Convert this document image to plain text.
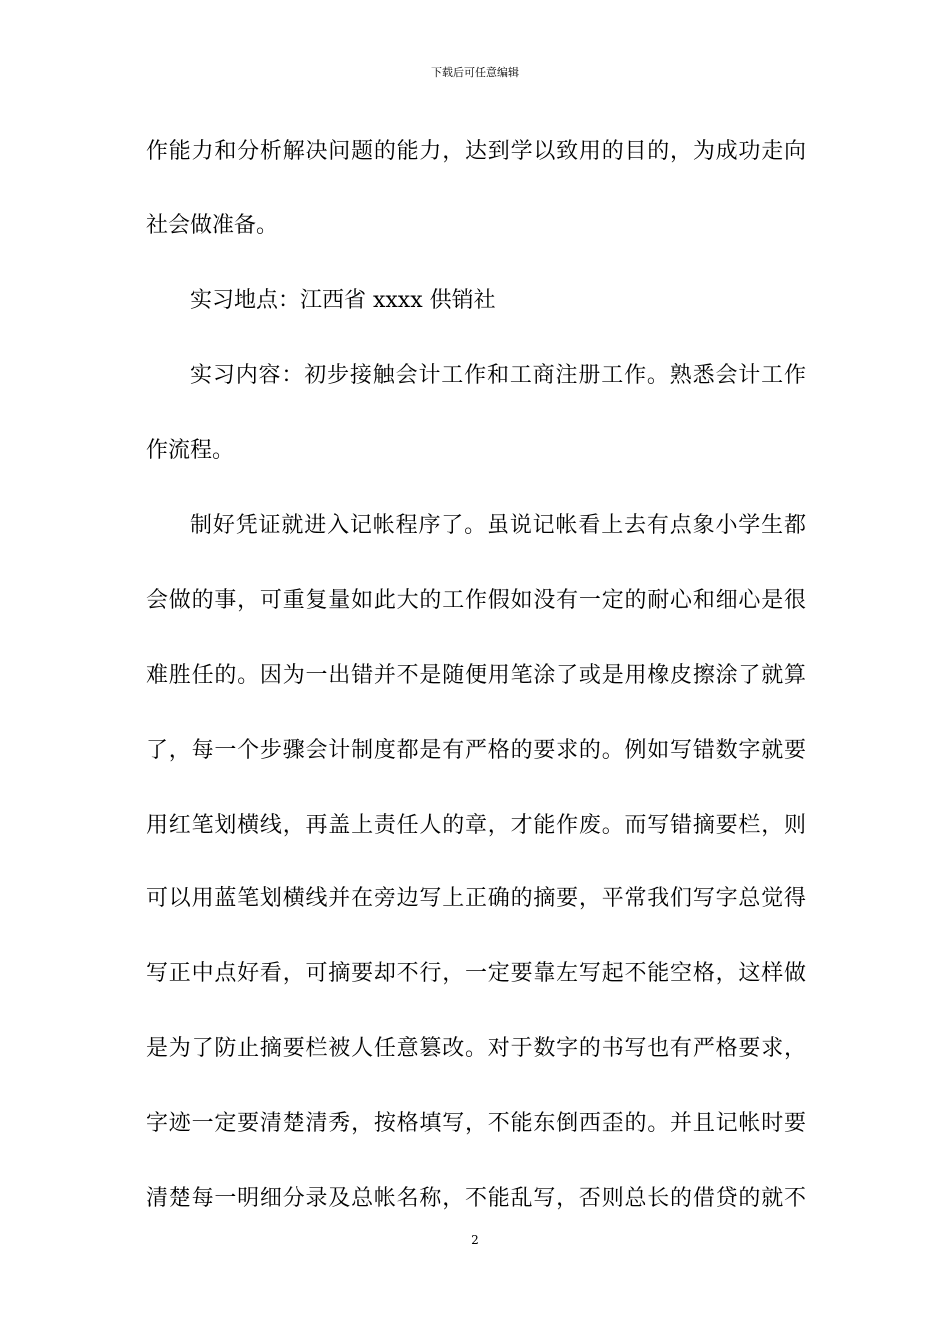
下载后可任意编辑
作能力和分析解决问题的能力，达到学以致用的目的，为成功走向
社会做准备。
实习地点：江西省 xxxx 供销社
实习内容：初步接触会计工作和工商注册工作。熟悉会计工作
作流程。
制好凭证就进入记帐程序了。虽说记帐看上去有点象小学生都
会做的事，可重复量如此大的工作假如没有一定的耐心和细心是很
难胜任的。因为一出错并不是随便用笔涂了或是用橡皮擦涂了就算
了，每一个步骤会计制度都是有严格的要求的。例如写错数字就要
用红笔划横线，再盖上责任人的章，才能作废。而写错摘要栏，则
可以用蓝笔划横线并在旁边写上正确的摘要，平常我们写字总觉得
写正中点好看，可摘要却不行，一定要靠左写起不能空格，这样做
是为了防止摘要栏被人任意篡改。对于数字的书写也有严格要求，
字迹一定要清楚清秀，按格填写，不能东倒西歪的。并且记帐时要
清楚每一明细分录及总帐名称，不能乱写，否则总长的借贷的就不
2
